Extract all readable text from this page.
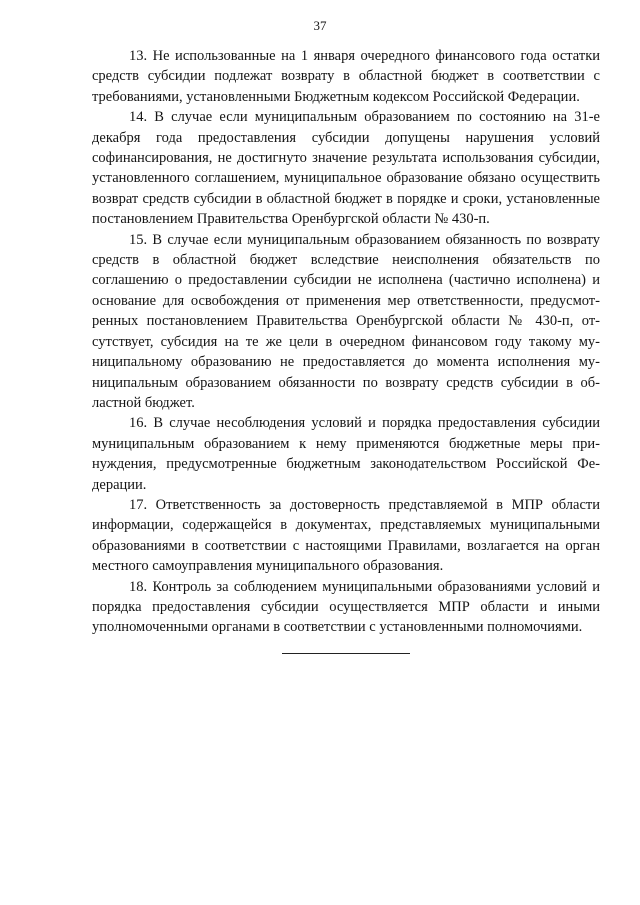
37

13. Не использованные на 1 января очередного финансового года остатки средств субсидии подлежат возврату в областной бюджет в соответствии с требованиями, установленными Бюджетным кодексом Российской Федерации.

14. В случае если муниципальным образованием по состоянию на 31-е декабря года предоставления субсидии допущены нарушения условий софинансирования, не достигнуто значение результата использования субсидии, установленного соглашением, муниципальное образование обязано осуществить возврат средств субсидии в областной бюджет в порядке и сроки, установленные постановлением Правительства Оренбургской области № 430-п.

15. В случае если муниципальным образованием обязанность по возврату средств в областной бюджет вследствие неисполнения обязательств по соглашению о предоставлении субсидии не исполнена (частично исполнена) и основание для освобождения от применения мер ответственности, предусмотренных постановлением Правительства Оренбургской области № 430-п, отсутствует, субсидия на те же цели в очередном финансовом году такому муниципальному образованию не предоставляется до момента исполнения муниципальным образованием обязанности по возврату средств субсидии в областной бюджет.

16. В случае несоблюдения условий и порядка предоставления субсидии муниципальным образованием к нему применяются бюджетные меры принуждения, предусмотренные бюджетным законодательством Российской Федерации.

17. Ответственность за достоверность представляемой в МПР области информации, содержащейся в документах, представляемых муниципальными образованиями в соответствии с настоящими Правилами, возлагается на орган местного самоуправления муниципального образования.

18. Контроль за соблюдением муниципальными образованиями условий и порядка предоставления субсидии осуществляется МПР области и иными уполномоченными органами в соответствии с установленными полномочиями.
